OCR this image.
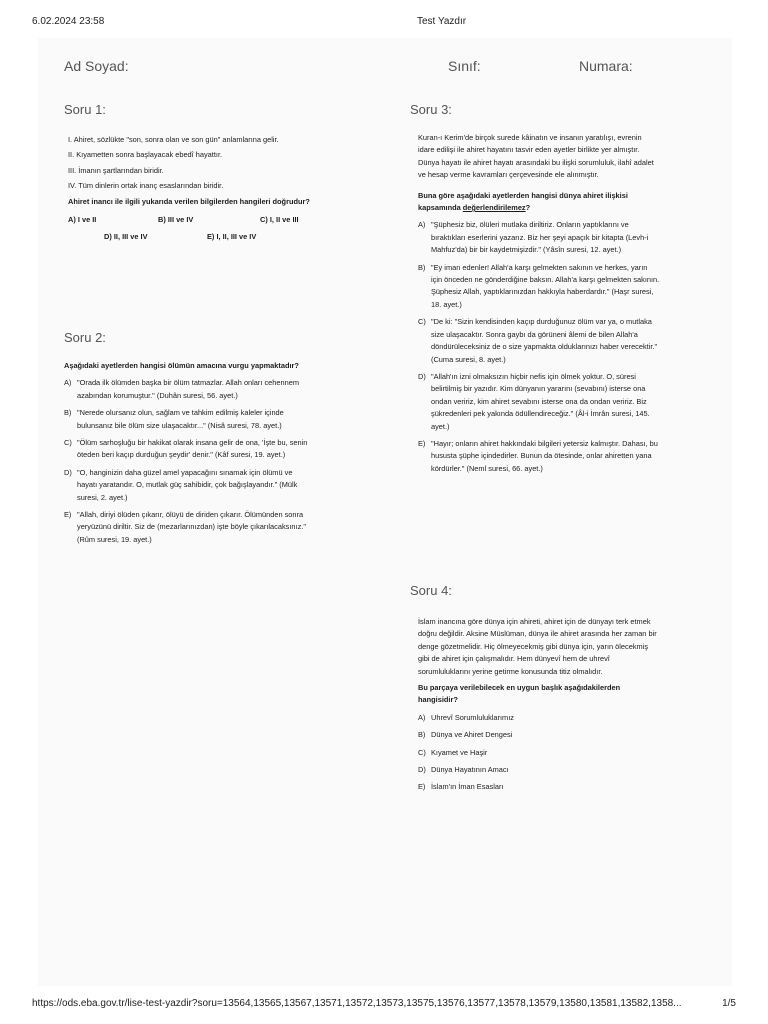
6.02.2024 23:58	Test Yazdır
Ad Soyad:	Sınıf:	Numara:
Soru 1:

I. Ahiret, sözlükte "son, sonra olan ve son gün" anlamlarına gelir.

II. Kıyametten sonra başlayacak ebedî hayattır.

III. İmanın şartlarından biridir.

IV. Tüm dinlerin ortak inanç esaslarından biridir.

Ahiret inancı ile ilgili yukarıda verilen bilgilerden hangileri doğrudur?

A) I ve II	B) III ve IV	C) I, II ve III
D) II, III ve IV	E) I, II, III ve IV
Soru 2:

Aşağıdaki ayetlerden hangisi ölümün amacına vurgu yapmaktadır?

A) "Orada ilk ölümden başka bir ölüm tatmazlar. Allah onları cehennem azabından korumuştur." (Duhân suresi, 56. ayet.)
B) "Nerede olursanız olun, sağlam ve tahkim edilmiş kaleler içinde bulunsanız bile ölüm size ulaşacaktır..." (Nisâ suresi, 78. ayet.)
C) "Ölüm sarhoşluğu bir hakikat olarak insana gelir de ona, 'İşte bu, senin öteden beri kaçıp durduğun şeydir' denir." (Kâf suresi, 19. ayet.)
D) "O, hanginizin daha güzel amel yapacağını sınamak için ölümü ve hayatı yaratandır. O, mutlak güç sahibidir, çok bağışlayandır." (Mülk suresi, 2. ayet.)
E) "Allah, diriyi ölüden çıkarır, ölüyü de diriden çıkarır. Ölümünden sonra yeryüzünü diriltir. Siz de (mezarlarınızdan) işte böyle çıkarılacaksınız." (Rûm suresi, 19. ayet.)
Soru 3:

Kuran-ı Kerim'de birçok surede kâinatın ve insanın yaratılışı, evrenin idare edilişi ile ahiret hayatını tasvir eden ayetler birlikte yer almıştır. Dünya hayatı ile ahiret hayatı arasındaki bu ilişki sorumluluk, ilahî adalet ve hesap verme kavramları çerçevesinde ele alınmıştır.

Buna göre aşağıdaki ayetlerden hangisi dünya ahiret ilişkisi kapsamında değerlendirilemez?

A) "Şüphesiz biz, ölüleri mutlaka diriltiriz. Onların yaptıklarını ve bıraktıkları eserlerini yazarız. Biz her şeyi apaçık bir kitapta (Levh-i Mahfuz'da) bir bir kaydetmişizdir." (Yâsîn suresi, 12. ayet.)
B) "Ey iman edenler! Allah'a karşı gelmekten sakının ve herkes, yarın için önceden ne gönderdiğine baksın. Allah'a karşı gelmekten sakının. Şüphesiz Allah, yaptıklarınızdan hakkıyla haberdardır." (Haşr suresi, 18. ayet.)
C) "De ki: "Sizin kendisinden kaçıp durduğunuz ölüm var ya, o mutlaka size ulaşacaktır. Sonra gaybı da görüneni âlemi de bilen Allah'a döndürüleceksiniz de o size yapmakta olduklarınızı haber verecektir." (Cuma suresi, 8. ayet.)
D) "Allah'ın izni olmaksızın hiçbir nefis için ölmek yoktur. O, süresi belirtilmiş bir yazıdır. Kim dünyanın yararını (sevabını) isterse ona ondan veririz, kim ahiret sevabını isterse ona da ondan veririz. Biz şükredenleri pek yakında ödüllendireceğiz." (Âl-i İmrân suresi, 145. ayet.)
E) "Hayır; onların ahiret hakkındaki bilgileri yetersiz kalmıştır. Dahası, bu hususta şüphe içindedirler. Bunun da ötesinde, onlar ahiretten yana kördürler." (Neml suresi, 66. ayet.)
Soru 4:

İslam inancına göre dünya için ahireti, ahiret için de dünyayı terk etmek doğru değildir. Aksine Müslüman, dünya ile ahiret arasında her zaman bir denge gözetmelidir. Hiç ölmeyecekmiş gibi dünya için, yarın ölecekmiş gibi de ahiret için çalışmalıdır. Hem dünyevî hem de uhrevî sorumluluklarını yerine getirme konusunda titiz olmalıdır.

Bu parçaya verilebilecek en uygun başlık aşağıdakilerden hangisidir?

A) Uhrevî Sorumluluklarımız
B) Dünya ve Ahiret Dengesi
C) Kıyamet ve Haşir
D) Dünya Hayatının Amacı
E) İslam'ın İman Esasları
https://ods.eba.gov.tr/lise-test-yazdir?soru=13564,13565,13567,13571,13572,13573,13575,13576,13577,13578,13579,13580,13581,13582,1358...	1/5
